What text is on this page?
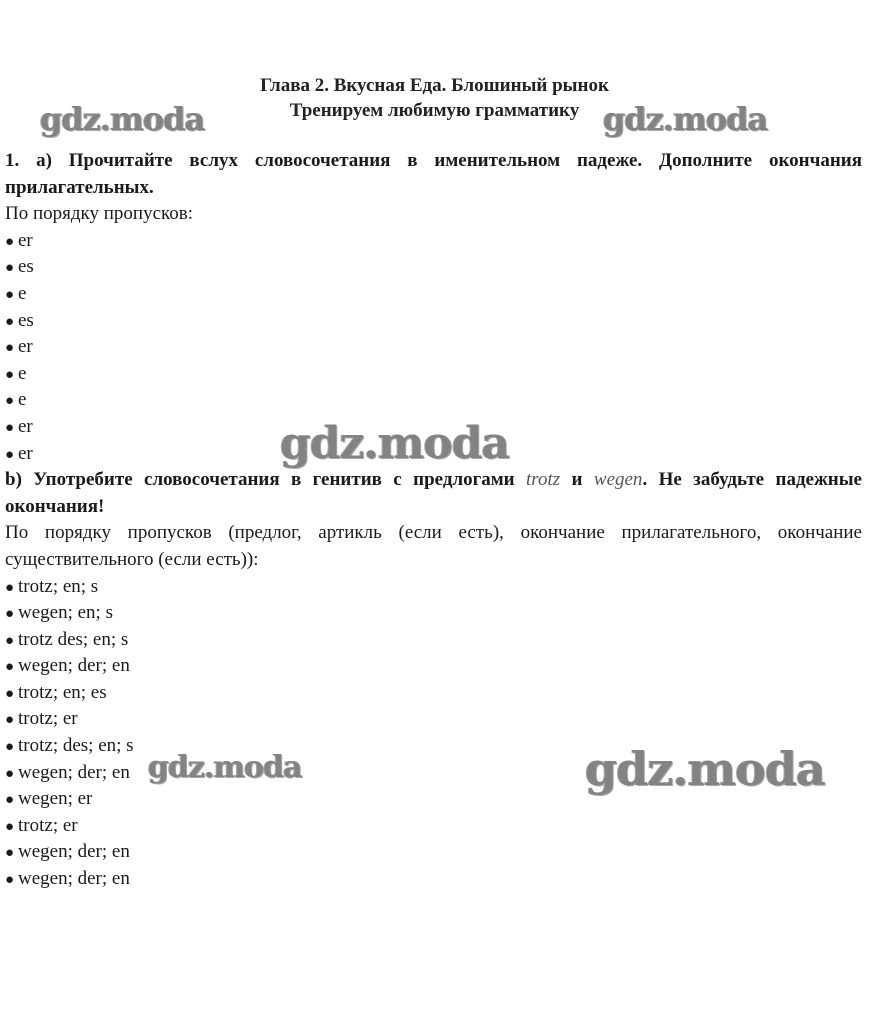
Глава 2. Вкусная Еда. Блошиный рынок
Тренируем любимую грамматику
1. а) Прочитайте вслух словосочетания в именительном падеже. Дополните окончания прилагательных.
По порядку пропусков:
● er
● es
● e
● es
● er
● e
● e
● er
● er
b) Употребите словосочетания в генитив с предлогами trotz и wegen. Не забудьте падежные окончания!
По порядку пропусков (предлог, артикль (если есть), окончание прилагательного, окончание существительного (если есть)):
● trotz; en; s
● wegen; en; s
● trotz des; en; s
● wegen; der; en
● trotz; en; es
● trotz; er
● trotz; des; en; s
● wegen; der; en
● wegen; er
● trotz; er
● wegen; der; en
● wegen; der; en
gdz.moda	gdz.moda
gdz.moda
gdz.moda	gdz.moda
